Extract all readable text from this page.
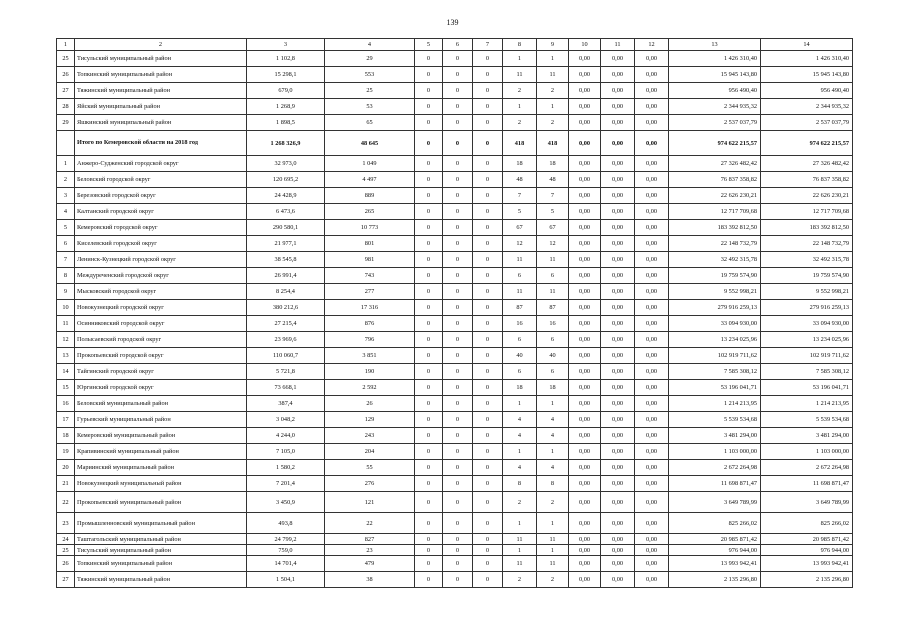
139
1	2	3	4	5	6	7	8	9	10	11	12	13	14
25	Тисульский муниципальный район	1 102,8	29	0	0	0	1	1	0,00	0,00	0,00	1 426 310,40	1 426 310,40
26	Топкинский муниципальный район	15 298,1	553	0	0	0	11	11	0,00	0,00	0,00	15 945 143,80	15 945 143,80
27	Тяжинский муниципальный район	679,0	25	0	0	0	2	2	0,00	0,00	0,00	956 490,40	956 490,40
28	Яйский муниципальный район	1 268,9	53	0	0	0	1	1	0,00	0,00	0,00	2 344 935,32	2 344 935,32
29	Яшкинский муниципальный район	1 898,5	65	0	0	0	2	2	0,00	0,00	0,00	2 537 037,79	2 537 037,79
	Итого по Кемеровской области на 2018 год	1 268 326,9	48 645	0	0	0	418	418	0,00	0,00	0,00	974 622 215,57	974 622 215,57
1	Анжеро-Судженский городской округ	32 973,0	1 049	0	0	0	18	18	0,00	0,00	0,00	27 326 482,42	27 326 482,42
2	Беловский городской округ	120 695,2	4 497	0	0	0	48	48	0,00	0,00	0,00	76 837 358,82	76 837 358,82
3	Березовский городской округ	24 428,9	889	0	0	0	7	7	0,00	0,00	0,00	22 626 230,21	22 626 230,21
4	Калтанский городской округ	6 473,6	265	0	0	0	5	5	0,00	0,00	0,00	12 717 709,68	12 717 709,68
5	Кемеровский городской округ	290 580,1	10 773	0	0	0	67	67	0,00	0,00	0,00	183 392 812,50	183 392 812,50
6	Киселевский городской округ	21 977,1	801	0	0	0	12	12	0,00	0,00	0,00	22 148 732,79	22 148 732,79
7	Ленинск-Кузнецкий городской округ	38 545,8	981	0	0	0	11	11	0,00	0,00	0,00	32 492 315,78	32 492 315,78
8	Междуреченский городской округ	26 991,4	743	0	0	0	6	6	0,00	0,00	0,00	19 759 574,90	19 759 574,90
9	Мысковский городской округ	8 254,4	277	0	0	0	11	11	0,00	0,00	0,00	9 552 998,21	9 552 998,21
10	Новокузнецкий городской округ	380 212,6	17 316	0	0	0	87	87	0,00	0,00	0,00	279 916 259,13	279 916 259,13
11	Осинниковский городской округ	27 215,4	876	0	0	0	16	16	0,00	0,00	0,00	33 094 930,00	33 094 930,00
12	Полысаевский городской округ	23 969,6	796	0	0	0	6	6	0,00	0,00	0,00	13 234 025,96	13 234 025,96
13	Прокопьевский городской округ	110 060,7	3 851	0	0	0	40	40	0,00	0,00	0,00	102 919 711,62	102 919 711,62
14	Тайгинский городской округ	5 721,8	190	0	0	0	6	6	0,00	0,00	0,00	7 585 308,12	7 585 308,12
15	Юргинский городской округ	73 668,1	2 592	0	0	0	18	18	0,00	0,00	0,00	53 196 041,71	53 196 041,71
16	Беловский муниципальный район	387,4	26	0	0	0	1	1	0,00	0,00	0,00	1 214 213,95	1 214 213,95
17	Гурьевский муниципальный район	3 048,2	129	0	0	0	4	4	0,00	0,00	0,00	5 539 534,68	5 539 534,68
18	Кемеровский муниципальный район	4 244,0	243	0	0	0	4	4	0,00	0,00	0,00	3 481 294,00	3 481 294,00
19	Крапивинский муниципальный район	7 105,0	204	0	0	0	1	1	0,00	0,00	0,00	1 103 000,00	1 103 000,00
20	Мариинский муниципальный район	1 580,2	55	0	0	0	4	4	0,00	0,00	0,00	2 672 264,98	2 672 264,98
21	Новокузнецкий муниципальный район	7 201,4	276	0	0	0	8	8	0,00	0,00	0,00	11 698 871,47	11 698 871,47
22	Прокопьевский муниципальный район	3 450,9	121	0	0	0	2	2	0,00	0,00	0,00	3 649 789,99	3 649 789,99
23	Промышленновский муниципальный район	493,8	22	0	0	0	1	1	0,00	0,00	0,00	825 266,02	825 266,02
24	Таштагольский муниципальный район	24 799,2	827	0	0	0	11	11	0,00	0,00	0,00	20 985 871,42	20 985 871,42
25	Тисульский муниципальный район	759,0	23	0	0	0	1	1	0,00	0,00	0,00	976 944,00	976 944,00
26	Топкинский муниципальный район	14 701,4	479	0	0	0	11	11	0,00	0,00	0,00	13 993 942,41	13 993 942,41
27	Тяжинский муниципальный район	1 504,1	38	0	0	0	2	2	0,00	0,00	0,00	2 135 296,80	2 135 296,80
